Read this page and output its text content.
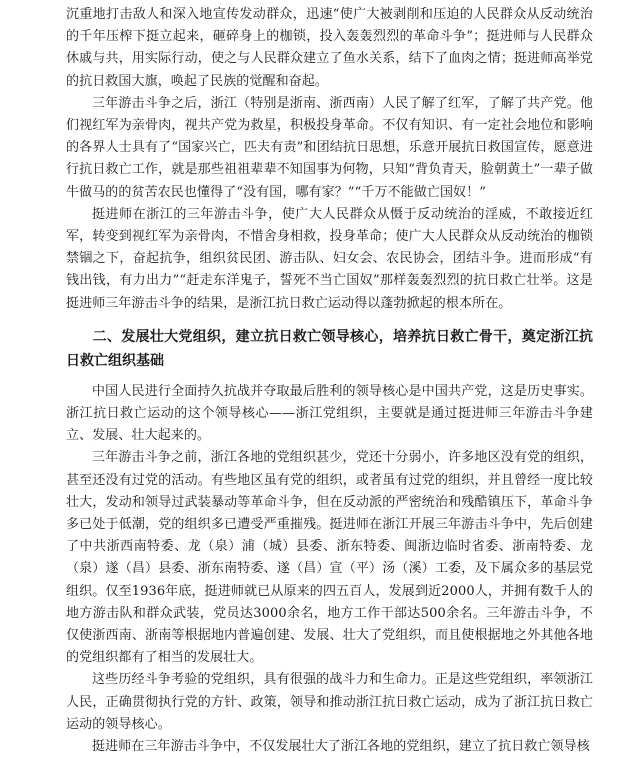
沉重地打击敌人和深入地宣传发动群众，迅速“使广大被剥削和压迫的人民群众从反动统治的千年压榨下挺立起来，砸碎身上的枷锁，投入轰轰烈烈的革命斗争”；挺进师与人民群众休戚与共，用实际行动，使之与人民群众建立了鱼水关系，结下了血肉之情；挺进师高举党的抗日救国大旗，唤起了民族的觉醒和奋起。

三年游击斗争之后，浙江（特别是浙南、浙西南）人民了解了红军，了解了共产党。他们视红军为亲骨肉，视共产党为救星，积极投身革命。不仅有知识、有一定社会地位和影响的各界人士具有了“国家兴亡，匹夫有责”和团结抗日思想，乐意开展抗日救国宣传，愿意进行抗日救亡工作，就是那些祖祖辈辈不知国事为何物，只知“背负青天，脸朝黄土”一辈子做牛做马的的贫苦农民也懂得了“没有国，哪有家？”“千万不能做亡国奴！”

挺进师在浙江的三年游击斗争，使广大人民群众从慑于反动统治的淫威，不敢接近红军，转变到视红军为亲骨肉，不惜舍身相救，投身革命；使广大人民群众从反动统治的枷锁禁锢之下，奋起抗争，组织贫民团、游击队、妇女会、农民协会，团结斗争。进而形成“有钱出钱，有力出力”“赶走东洋鬼子，誓死不当亡国奴”那样轰轰烈烈的抗日救亡壮举。这是挺进师三年游击斗争的结果，是浙江抗日救亡运动得以蓬勃掀起的根本所在。

二、发展壮大党组织，建立抗日救亡领导核心，培养抗日救亡骨干，奠定浙江抗日救亡组织基础

中国人民进行全面持久抗战并夺取最后胜利的领导核心是中国共产党，这是历史事实。浙江抗日救亡运动的这个领导核心——浙江党组织，主要就是通过挺进师三年游击斗争建立、发展、壮大起来的。

三年游击斗争之前，浙江各地的党组织甚少，党还十分弱小，许多地区没有党的组织，甚至还没有过党的活动。有些地区虽有党的组织，或者虽有过党的组织，并且曾经一度比较壮大，发动和领导过武装暴动等革命斗争，但在反动派的严密统治和残酷镇压下，革命斗争多已处于低潮，党的组织多已遭受严重摧残。挺进师在浙江开展三年游击斗争中，先后创建了中共浙西南特委、龙（泉）浦（城）县委、浙东特委、闽浙边临时省委、浙南特委、龙（泉）遂（昌）县委、浙东南特委、遂（昌）宣（平）汤（溪）工委，及下属众多的基层党组织。仅至1936年底，挺进师就已从原来的四五百人，发展到近2000人，并拥有数千人的地方游击队和群众武装，党员达3000余名，地方工作干部达500余名。三年游击斗争，不仅使浙西南、浙南等根据地内普遍创建、发展、壮大了党组织，而且使根据地之外其他各地的党组织都有了相当的发展壮大。

这些历经斗争考验的党组织，具有很强的战斗力和生命力。正是这些党组织，率领浙江人民，正确贯彻执行党的方针、政策，领导和推动浙江抗日救亡运动，成为了浙江抗日救亡运动的领导核心。

挺进师在三年游击斗争中，不仅发展壮大了浙江各地的党组织，建立了抗日救亡领导核
